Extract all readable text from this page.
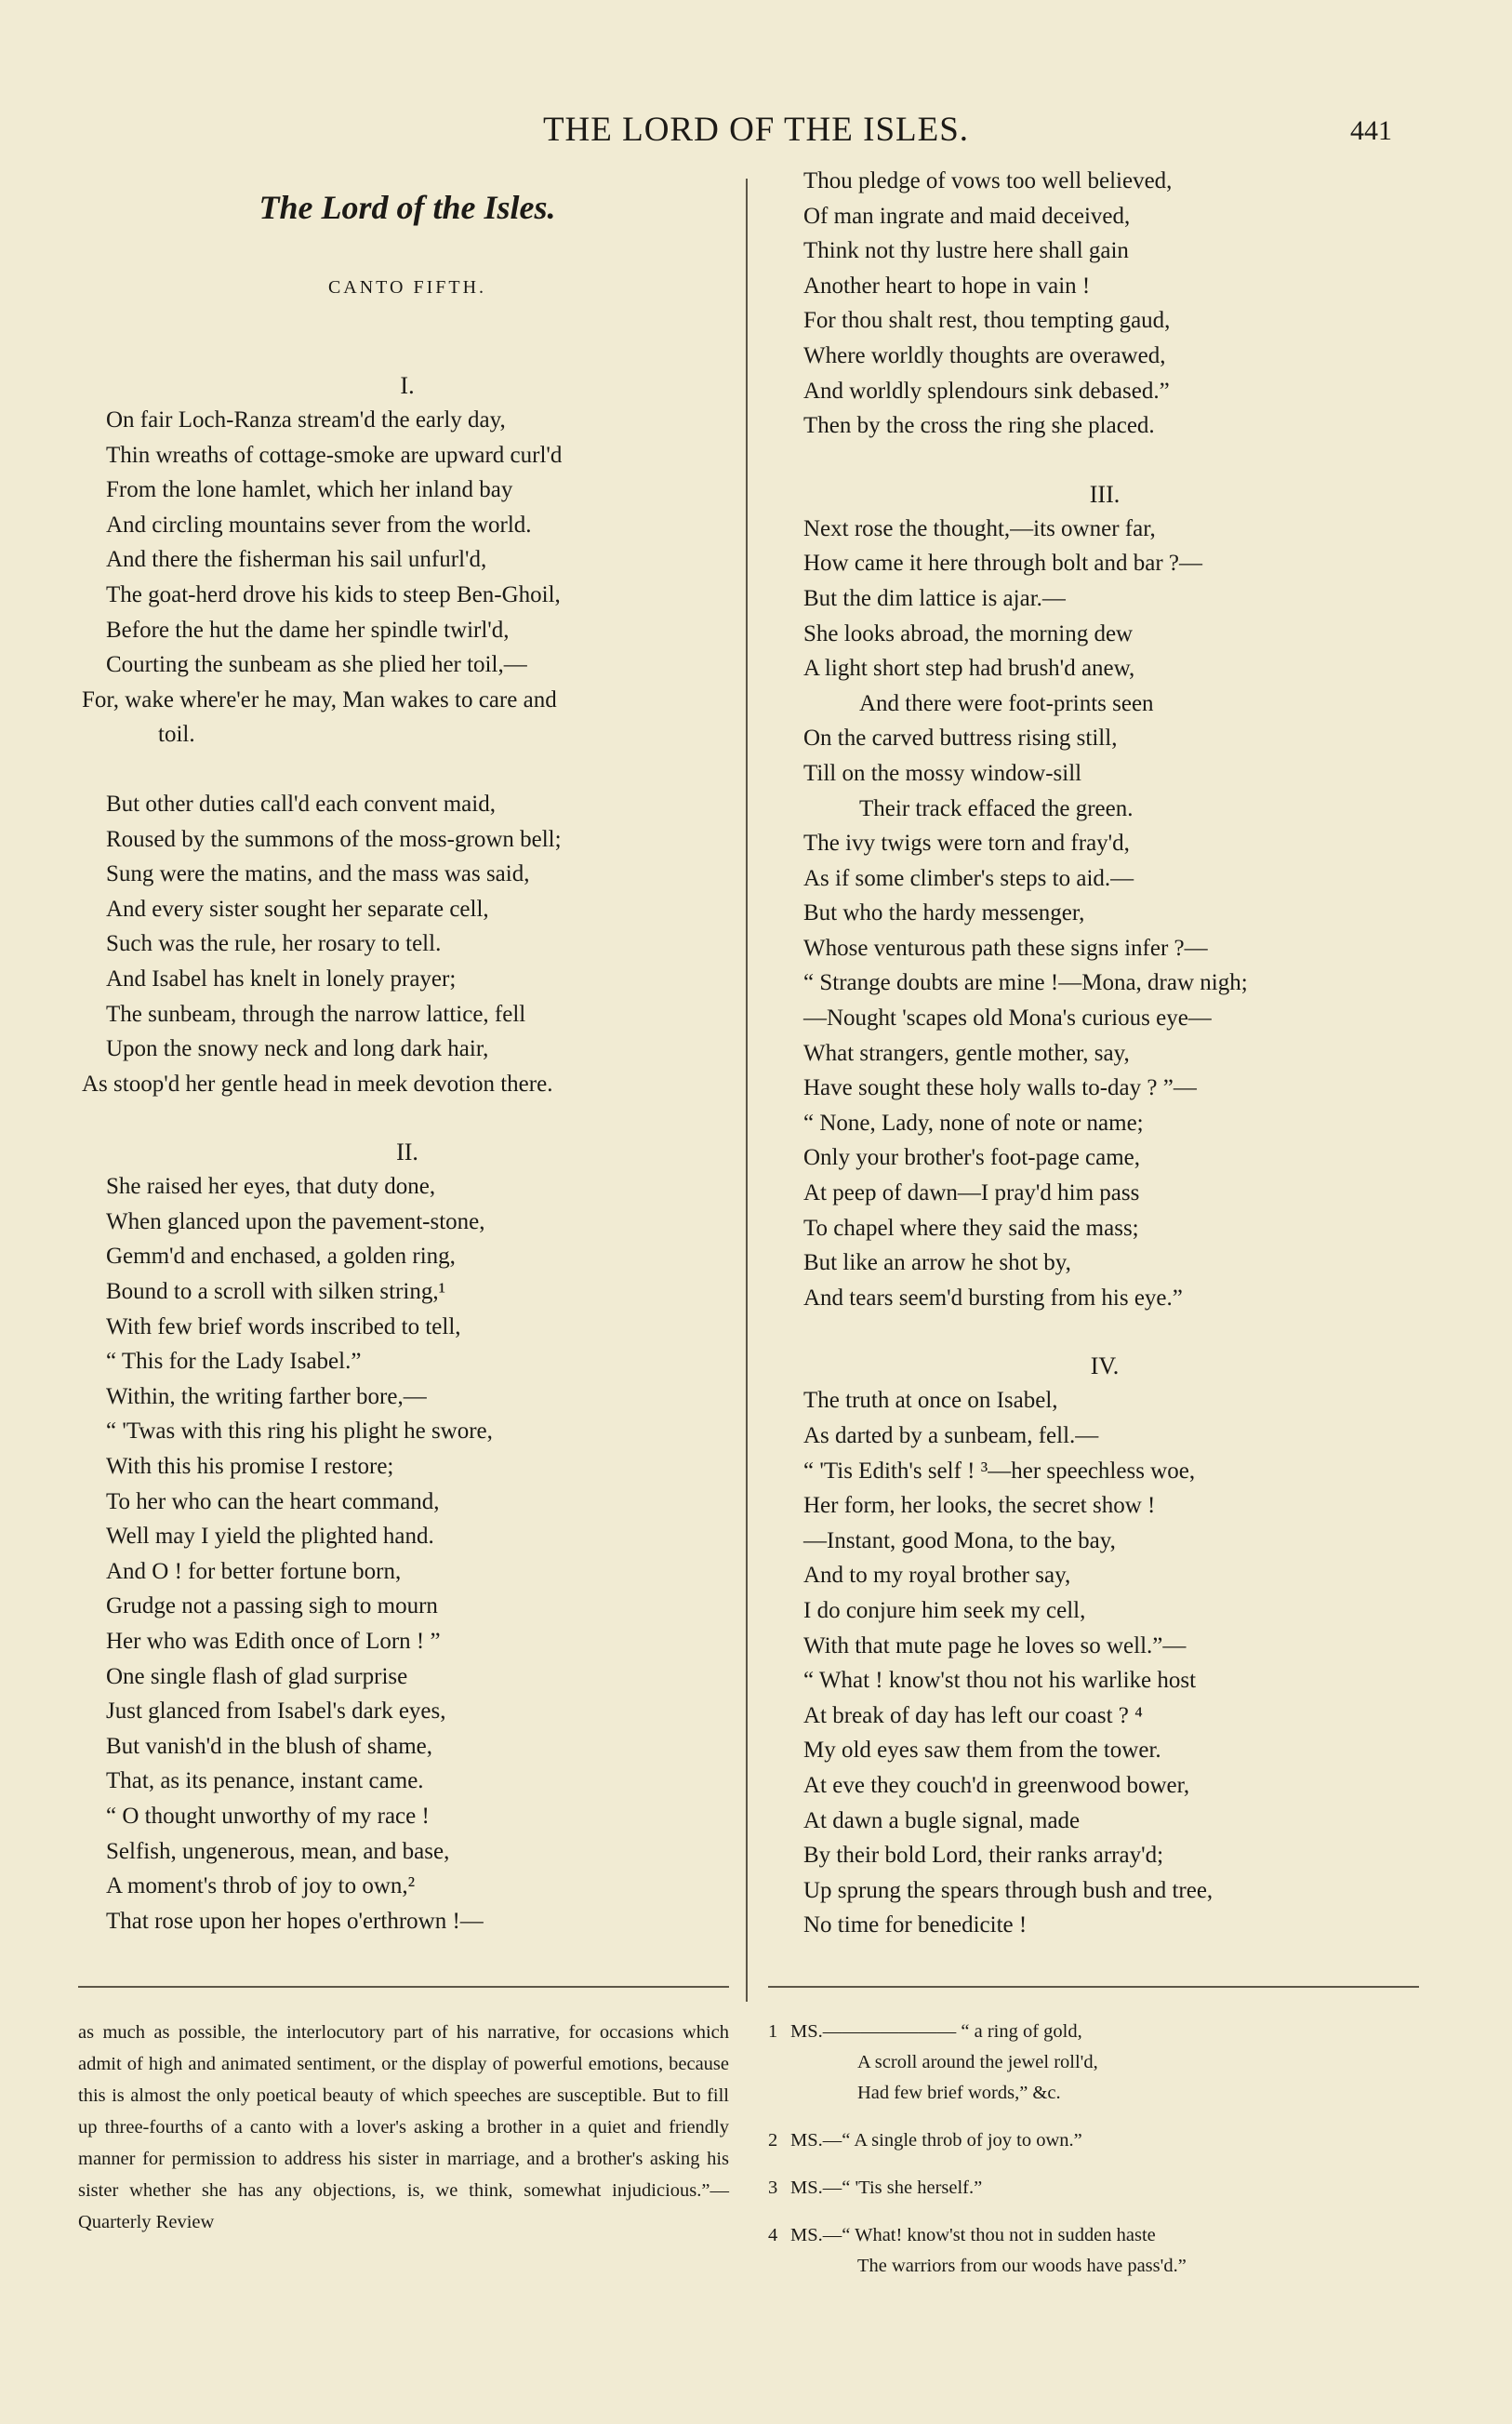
THE LORD OF THE ISLES.	441
The Lord of the Isles.
CANTO FIFTH.
I.
On fair Loch-Ranza stream'd the early day,
Thin wreaths of cottage-smoke are upward curl'd
From the lone hamlet, which her inland bay
And circling mountains sever from the world.
And there the fisherman his sail unfurl'd,
The goat-herd drove his kids to steep Ben-Ghoil,
Before the hut the dame her spindle twirl'd,
Courting the sunbeam as she plied her toil,—
For, wake where'er he may, Man wakes to care and
toil.
But other duties call'd each convent maid,
Roused by the summons of the moss-grown bell;
Sung were the matins, and the mass was said,
And every sister sought her separate cell,
Such was the rule, her rosary to tell.
And Isabel has knelt in lonely prayer;
The sunbeam, through the narrow lattice, fell
Upon the snowy neck and long dark hair,
As stoop'd her gentle head in meek devotion there.
II.
She raised her eyes, that duty done,
When glanced upon the pavement-stone,
Gemm'd and enchased, a golden ring,
Bound to a scroll with silken string,¹
With few brief words inscribed to tell,
“ This for the Lady Isabel.”
Within, the writing farther bore,—
“ 'Twas with this ring his plight he swore,
With this his promise I restore;
To her who can the heart command,
Well may I yield the plighted hand.
And O ! for better fortune born,
Grudge not a passing sigh to mourn
Her who was Edith once of Lorn ! ”
One single flash of glad surprise
Just glanced from Isabel's dark eyes,
But vanish'd in the blush of shame,
That, as its penance, instant came.
“ O thought unworthy of my race !
Selfish, ungenerous, mean, and base,
A moment's throb of joy to own,²
That rose upon her hopes o'erthrown !—
Thou pledge of vows too well believed,
Of man ingrate and maid deceived,
Think not thy lustre here shall gain
Another heart to hope in vain !
For thou shalt rest, thou tempting gaud,
Where worldly thoughts are overawed,
And worldly splendours sink debased.”
Then by the cross the ring she placed.
III.
Next rose the thought,—its owner far,
How came it here through bolt and bar ?—
But the dim lattice is ajar.—
She looks abroad, the morning dew
A light short step had brush'd anew,
And there were foot-prints seen
On the carved buttress rising still,
Till on the mossy window-sill
Their track effaced the green.
The ivy twigs were torn and fray'd,
As if some climber's steps to aid.—
But who the hardy messenger,
Whose venturous path these signs infer ?—
“ Strange doubts are mine !—Mona, draw nigh;
—Nought 'scapes old Mona's curious eye—
What strangers, gentle mother, say,
Have sought these holy walls to-day ? ”—
“ None, Lady, none of note or name;
Only your brother's foot-page came,
At peep of dawn—I pray'd him pass
To chapel where they said the mass;
But like an arrow he shot by,
And tears seem'd bursting from his eye.”
IV.
The truth at once on Isabel,
As darted by a sunbeam, fell.—
“ 'Tis Edith's self ! ³—her speechless woe,
Her form, her looks, the secret show !
—Instant, good Mona, to the bay,
And to my royal brother say,
I do conjure him seek my cell,
With that mute page he loves so well.”—
“ What ! know'st thou not his warlike host
At break of day has left our coast ? ⁴
My old eyes saw them from the tower.
At eve they couch'd in greenwood bower,
At dawn a bugle signal, made
By their bold Lord, their ranks array'd;
Up sprung the spears through bush and tree,
No time for benedicite !
as much as possible, the interlocutory part of his narrative, for occasions which admit of high and animated sentiment, or the display of powerful emotions, because this is almost the only poetical beauty of which speeches are susceptible. But to fill up three-fourths of a canto with a lover's asking a brother in a quiet and friendly manner for permission to address his sister in marriage, and a brother's asking his sister whether she has any objections, is, we think, somewhat injudicious.”—Quarterly Review
1 MS.——————— “ a ring of gold,
A scroll around the jewel roll'd,
Had few brief words,” &c.
2 MS.—“ A single throb of joy to own.”
3 MS.—“ 'Tis she herself.”
4 MS.—“ What! know'st thou not in sudden haste
The warriors from our woods have pass'd.”
